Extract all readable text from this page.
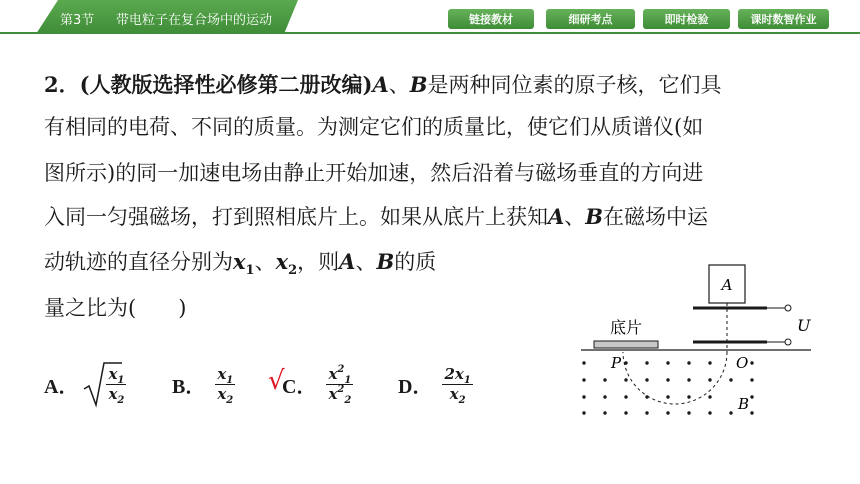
第3节 带电粒子在复合场中的运动	链接教材	细研考点	即时检验	课时数智作业
2．(人教版选择性必修第二册改编)A、B是两种同位素的原子核，它们具
有相同的电荷、不同的质量。为测定它们的质量比，使它们从质谱仪(如
图所示)的同一加速电场由静止开始加速，然后沿着与磁场垂直的方向进
入同一匀强磁场，打到照相底片上。如果从底片上获知A、B在磁场中运
动轨迹的直径分别为$x_1$、$x_2$，则A、B的质
量之比为(　　)
A． $\frac{x_1}{x_2}$ B． $\frac{x_1}{x_2}$ C． $\frac{x^2_1}{x^2_2}$
√	D． $\frac{2x_1}{x_2}$
A
U
底片
P	O
B
